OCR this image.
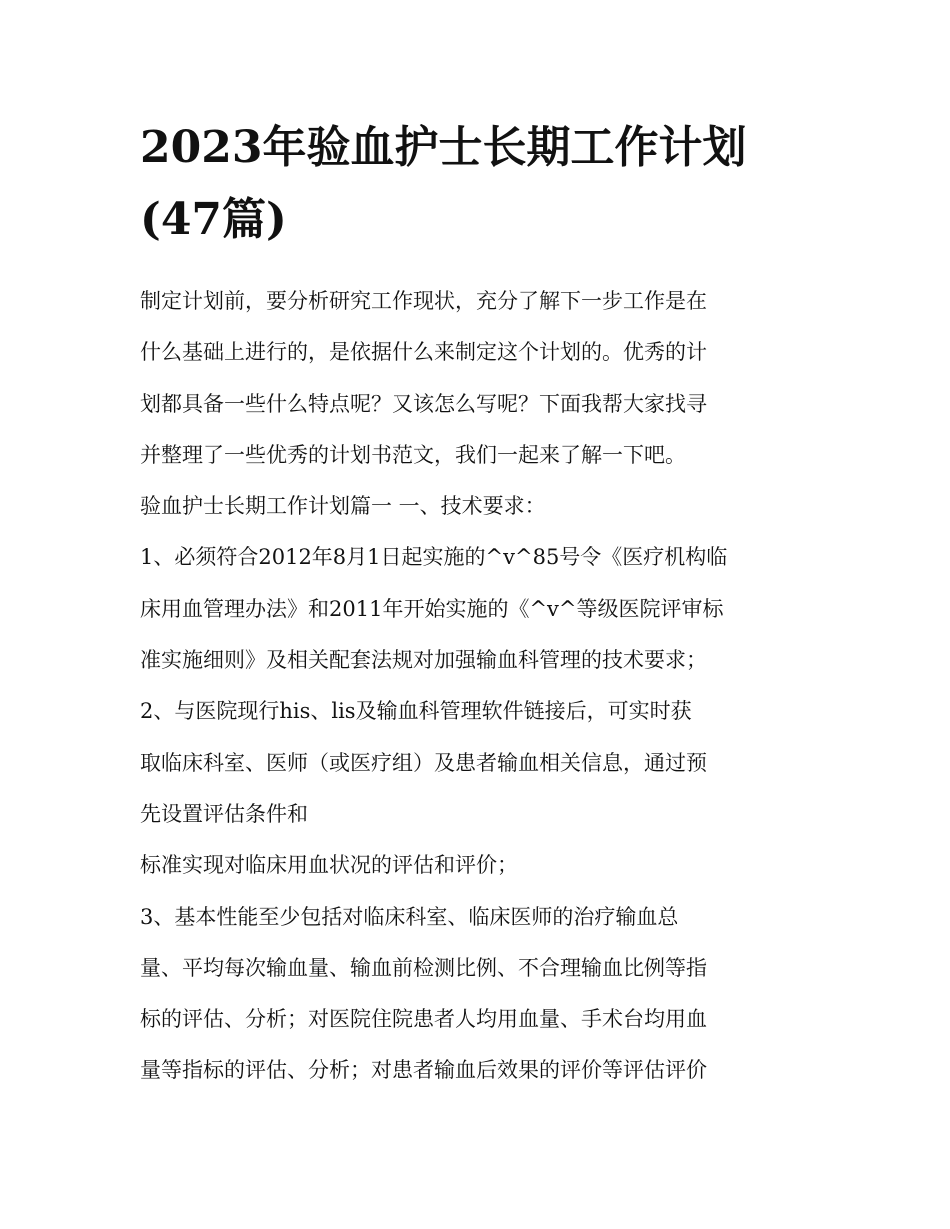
2023年验血护士长期工作计划
(47篇)
制定计划前，要分析研究工作现状，充分了解下一步工作是在
什么基础上进行的，是依据什么来制定这个计划的。优秀的计
划都具备一些什么特点呢？又该怎么写呢？下面我帮大家找寻
并整理了一些优秀的计划书范文，我们一起来了解一下吧。
验血护士长期工作计划篇一 一、技术要求：
1、必须符合2012年8月1日起实施的^v^85号令《医疗机构临
床用血管理办法》和2011年开始实施的《^v^等级医院评审标
准实施细则》及相关配套法规对加强输血科管理的技术要求；
2、与医院现行his、lis及输血科管理软件链接后，可实时获
取临床科室、医师（或医疗组）及患者输血相关信息，通过预
先设置评估条件和
标准实现对临床用血状况的评估和评价；
3、基本性能至少包括对临床科室、临床医师的治疗输血总
量、平均每次输血量、输血前检测比例、不合理输血比例等指
标的评估、分析；对医院住院患者人均用血量、手术台均用血
量等指标的评估、分析；对患者输血后效果的评价等评估评价
